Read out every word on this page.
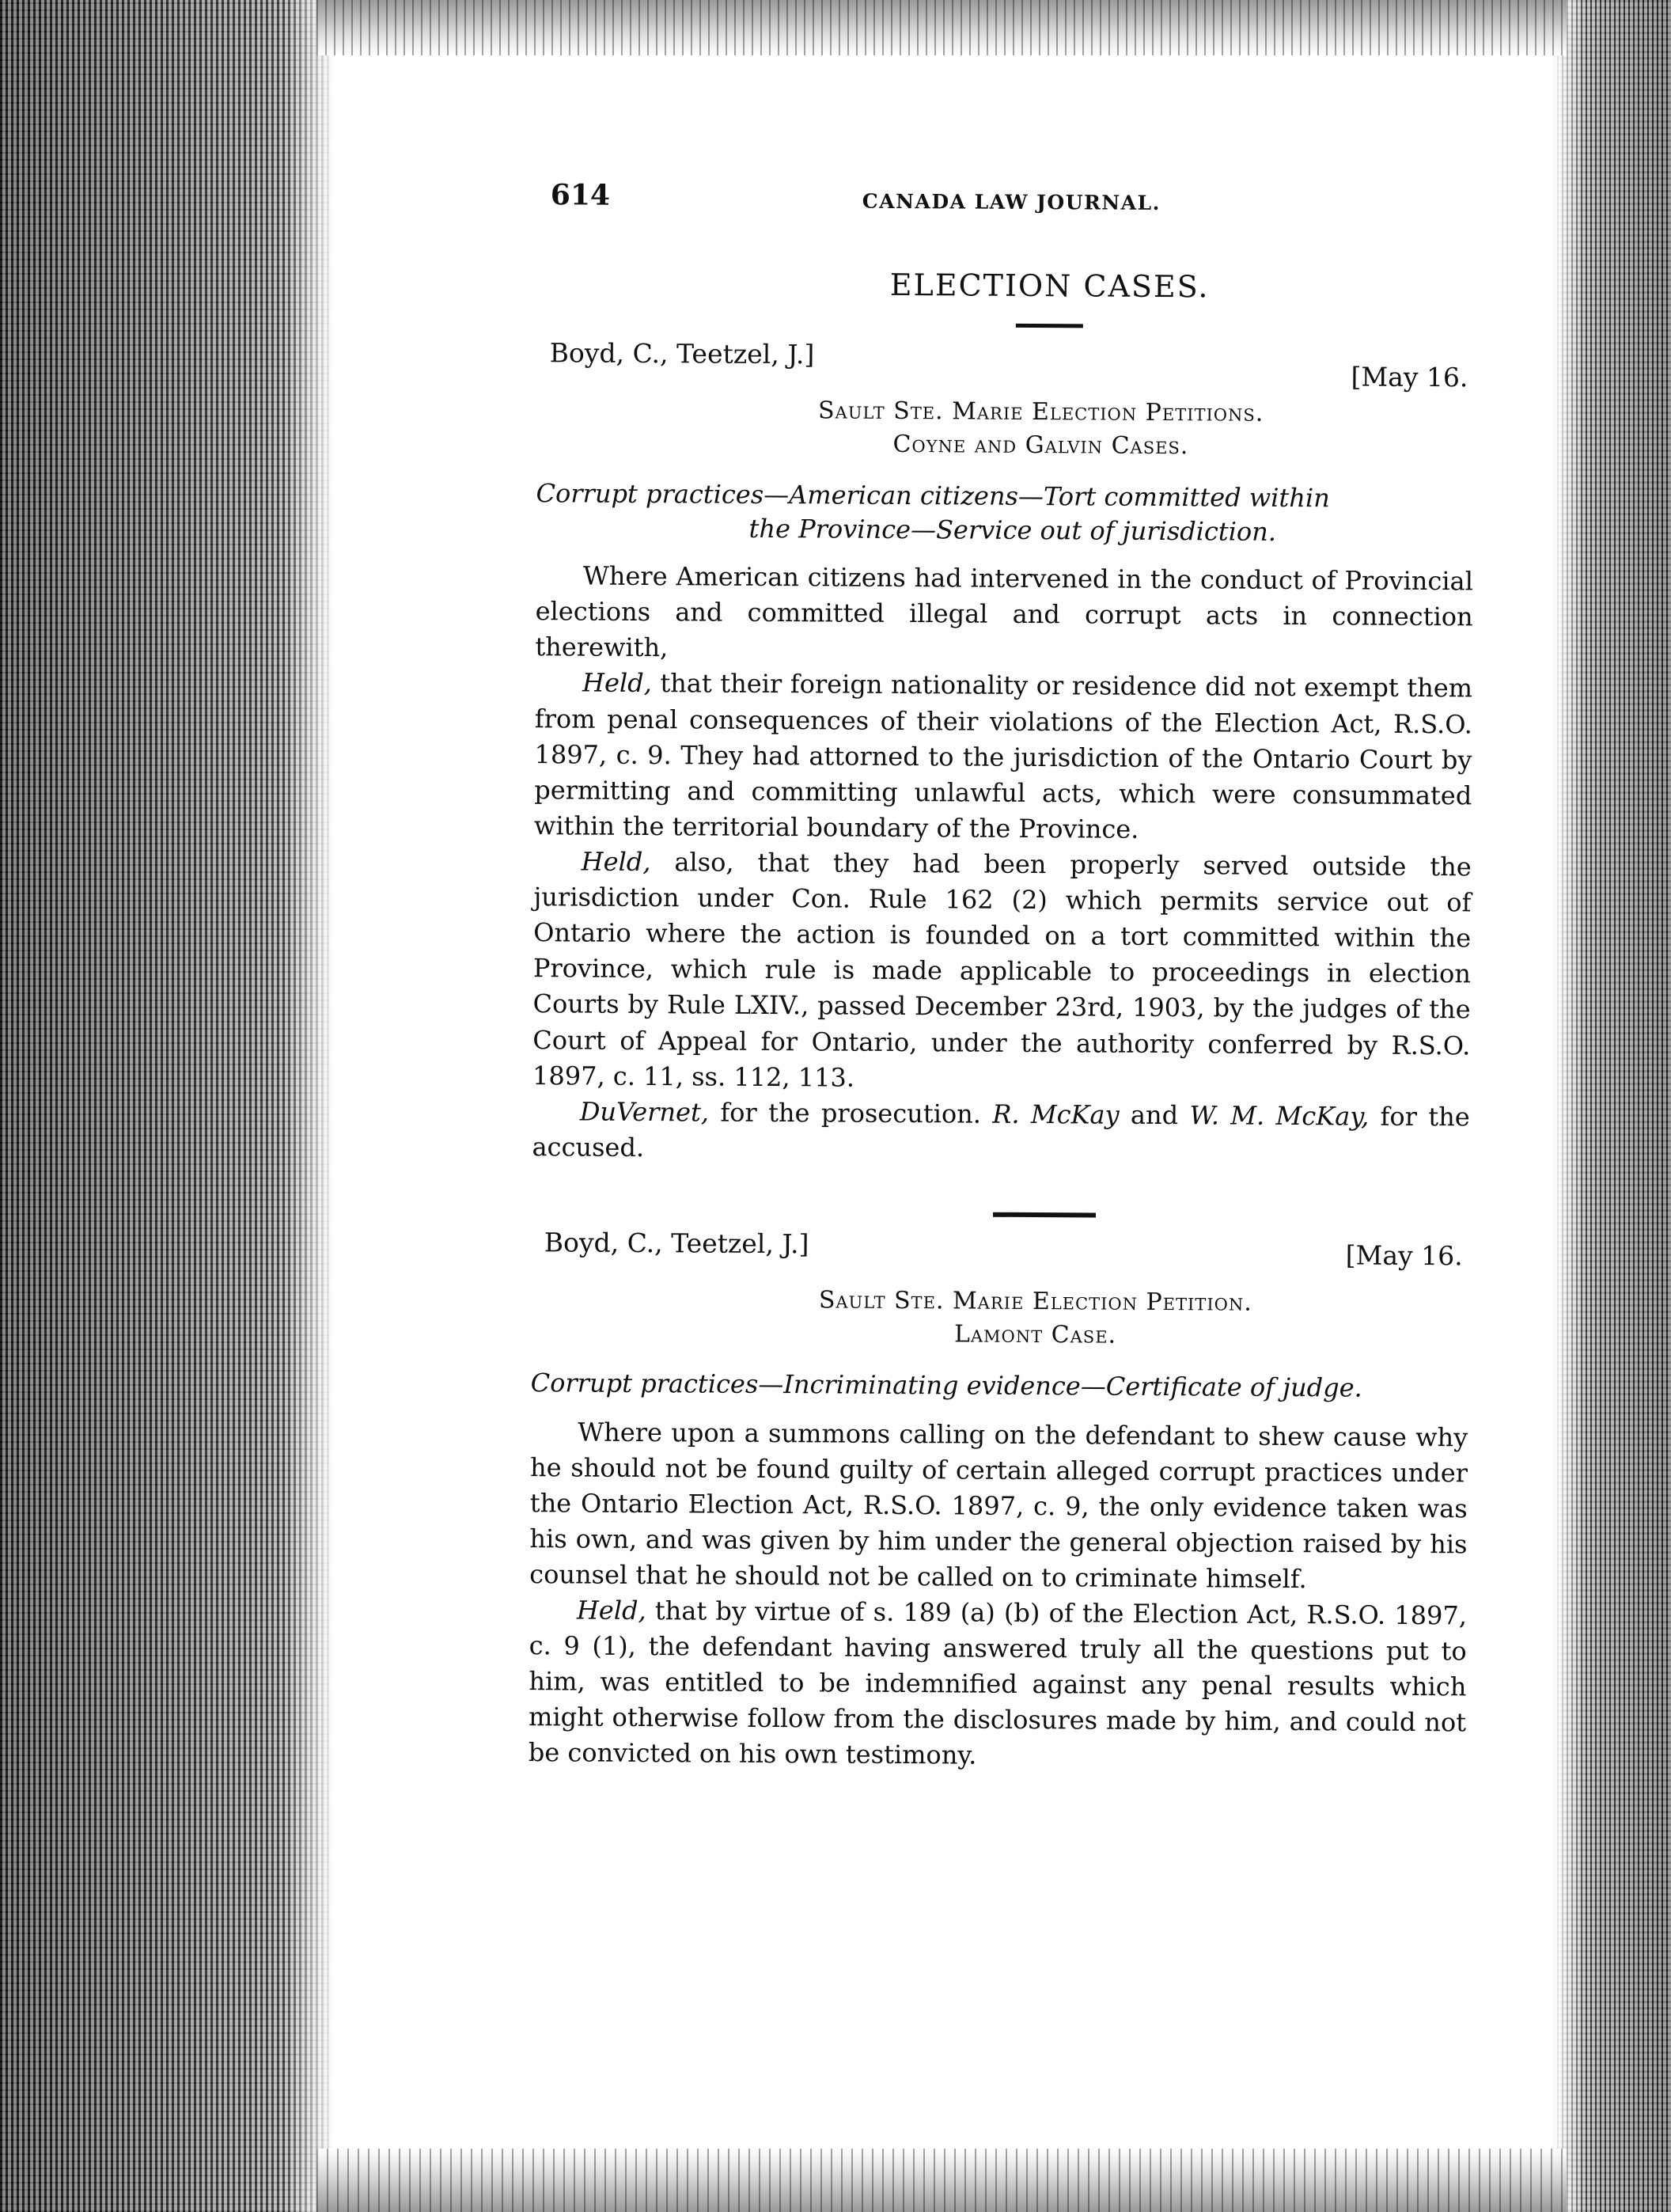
614	CANADA LAW JOURNAL.
ELECTION CASES.
Boyd, C., Teetzel, J.]
[May 16.
Sault Ste. Marie Election Petitions.
Coyne and Galvin Cases.
Corrupt practices—American citizens—Tort committed within
the Province—Service out of jurisdiction.

Where American citizens had intervened in the conduct of Provincial elections and committed illegal and corrupt acts in connection therewith,

Held, that their foreign nationality or residence did not exempt them from penal consequences of their violations of the Election Act, R.S.O. 1897, c. 9. They had attorned to the jurisdiction of the Ontario Court by permitting and committing unlawful acts, which were consummated within the territorial boundary of the Province.

Held, also, that they had been properly served outside the jurisdiction under Con. Rule 162 (2) which permits service out of Ontario where the action is founded on a tort committed within the Province, which rule is made applicable to proceedings in election Courts by Rule LXIV., passed December 23rd, 1903, by the judges of the Court of Appeal for Ontario, under the authority conferred by R.S.O. 1897, c. 11, ss. 112, 113.

DuVernet, for the prosecution. R. McKay and W. M. McKay, for the accused.

Boyd, C., Teetzel, J.]	[May 16.
Sault Ste. Marie Election Petition.
Lamont Case.
Corrupt practices—Incriminating evidence—Certificate of judge.

Where upon a summons calling on the defendant to shew cause why he should not be found guilty of certain alleged corrupt practices under the Ontario Election Act, R.S.O. 1897, c. 9, the only evidence taken was his own, and was given by him under the general objection raised by his counsel that he should not be called on to criminate himself.

Held, that by virtue of s. 189 (a) (b) of the Election Act, R.S.O. 1897, c. 9 (1), the defendant having answered truly all the questions put to him, was entitled to be indemnified against any penal results which might otherwise follow from the disclosures made by him, and could not be convicted on his own testimony.
